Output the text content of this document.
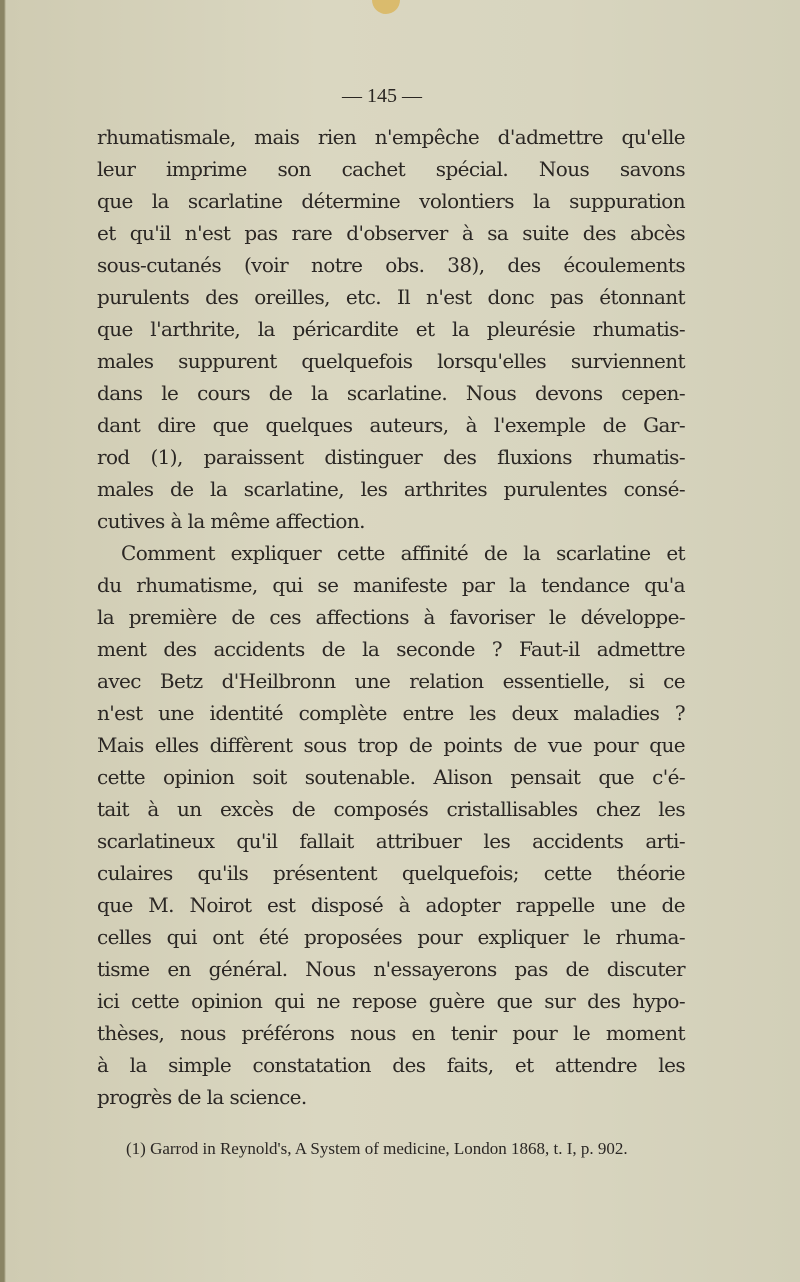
— 145 —
rhumatismale, mais rien n'empêche d'admettre qu'elle
leur imprime son cachet spécial. Nous savons
que la scarlatine détermine volontiers la suppuration
et qu'il n'est pas rare d'observer à sa suite des abcès
sous-cutanés (voir notre obs. 38), des écoulements
purulents des oreilles, etc. Il n'est donc pas étonnant
que l'arthrite, la péricardite et la pleurésie rhumatis-
males suppurent quelquefois lorsqu'elles surviennent
dans le cours de la scarlatine. Nous devons cepen-
dant dire que quelques auteurs, à l'exemple de Gar-
rod (1), paraissent distinguer des fluxions rhumatis-
males de la scarlatine, les arthrites purulentes consé-
cutives à la même affection.
Comment expliquer cette affinité de la scarlatine et
du rhumatisme, qui se manifeste par la tendance qu'a
la première de ces affections à favoriser le développe-
ment des accidents de la seconde ? Faut-il admettre
avec Betz d'Heilbronn une relation essentielle, si ce
n'est une identité complète entre les deux maladies ?
Mais elles diffèrent sous trop de points de vue pour que
cette opinion soit soutenable. Alison pensait que c'é-
tait à un excès de composés cristallisables chez les
scarlatineux qu'il fallait attribuer les accidents arti-
culaires qu'ils présentent quelquefois; cette théorie
que M. Noirot est disposé à adopter rappelle une de
celles qui ont été proposées pour expliquer le rhuma-
tisme en général. Nous n'essayerons pas de discuter
ici cette opinion qui ne repose guère que sur des hypo-
thèses, nous préférons nous en tenir pour le moment
à la simple constatation des faits, et attendre les
progrès de la science.
(1) Garrod in Reynold's, A System of medicine, London 1868, t. I, p. 902.
